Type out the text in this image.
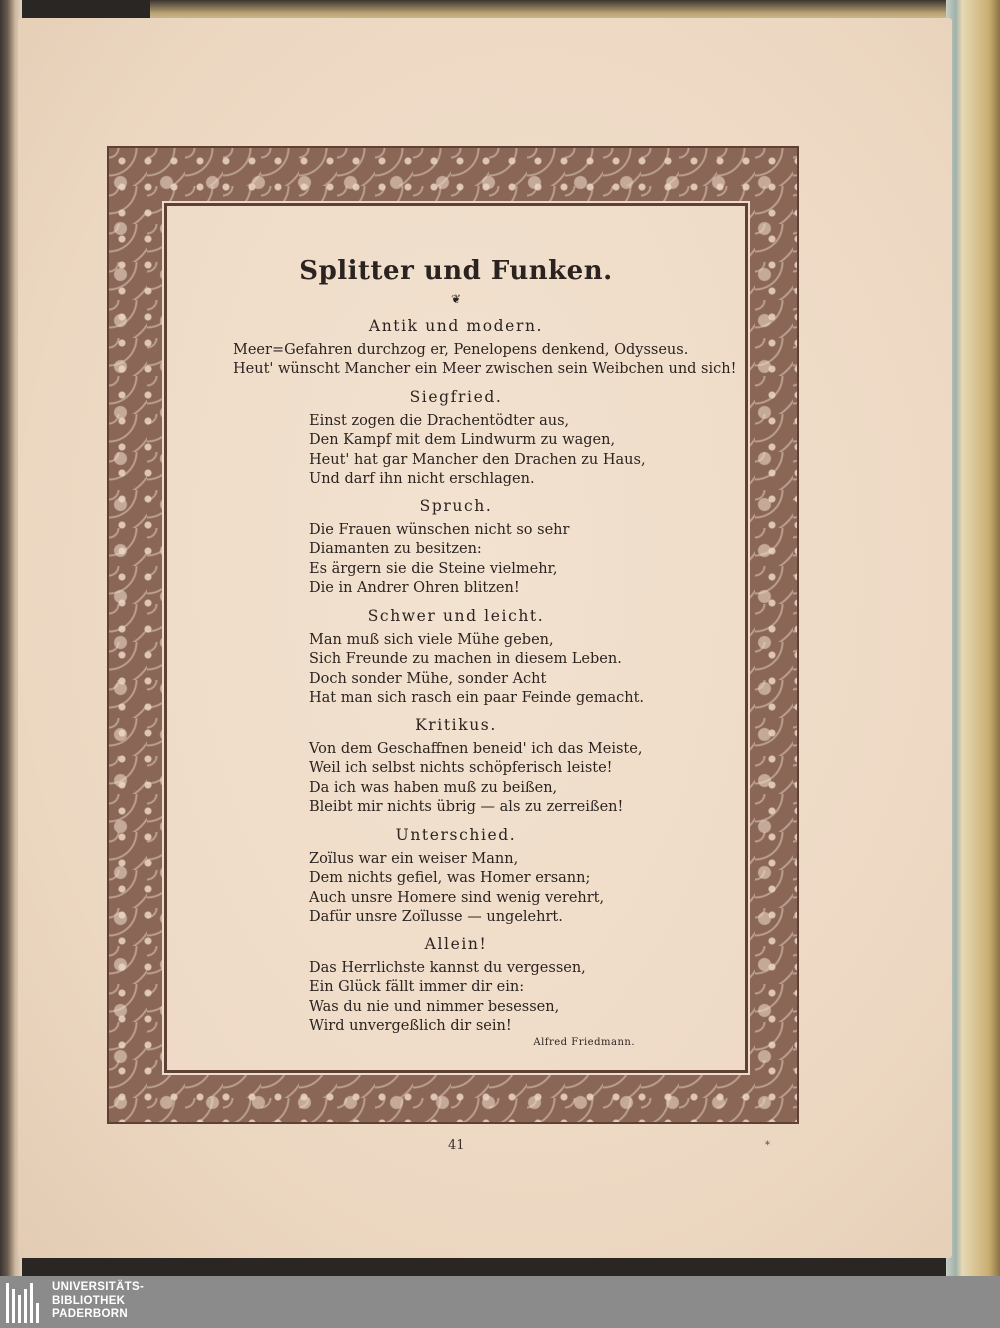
Splitter und Funken.
❦
Antik und modern.
Meer=Gefahren durchzog er, Penelopens denkend, Odysseus.
Heut' wünscht Mancher ein Meer zwischen sein Weibchen und sich!
Siegfried.
Einst zogen die Drachentödter aus,
Den Kampf mit dem Lindwurm zu wagen,
Heut' hat gar Mancher den Drachen zu Haus,
Und darf ihn nicht erschlagen.
Spruch.
Die Frauen wünschen nicht so sehr
Diamanten zu besitzen:
Es ärgern sie die Steine vielmehr,
Die in Andrer Ohren blitzen!
Schwer und leicht.
Man muß sich viele Mühe geben,
Sich Freunde zu machen in diesem Leben.
Doch sonder Mühe, sonder Acht
Hat man sich rasch ein paar Feinde gemacht.
Kritikus.
Von dem Geschaffnen beneid' ich das Meiste,
Weil ich selbst nichts schöpferisch leiste!
Da ich was haben muß zu beißen,
Bleibt mir nichts übrig — als zu zerreißen!
Unterschied.
Zoïlus war ein weiser Mann,
Dem nichts gefiel, was Homer ersann;
Auch unsre Homere sind wenig verehrt,
Dafür unsre Zoïlusse — ungelehrt.
Allein!
Das Herrlichste kannst du vergessen,
Ein Glück fällt immer dir ein:
Was du nie und nimmer besessen,
Wird unvergeßlich dir sein!
Alfred Friedmann.
41	*
UNIVERSITÄTS-
BIBLIOTHEK
PADERBORN
